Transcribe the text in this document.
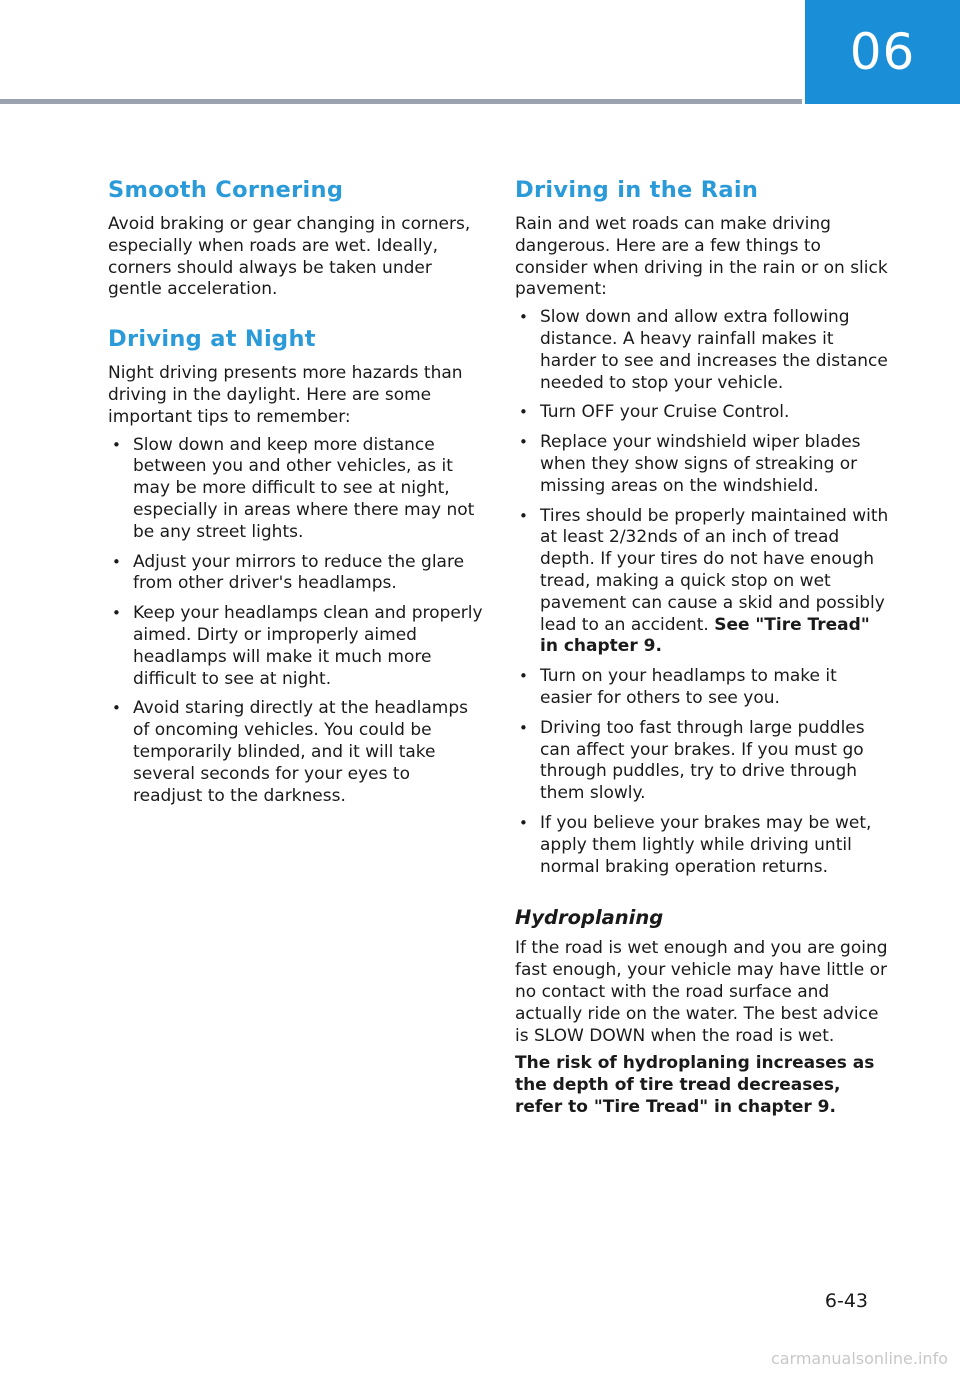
06
Smooth Cornering

Avoid braking or gear changing in corners, especially when roads are wet. Ideally, corners should always be taken under gentle acceleration.

Driving at Night

Night driving presents more hazards than driving in the daylight. Here are some important tips to remember:

• Slow down and keep more distance between you and other vehicles, as it may be more difficult to see at night, especially in areas where there may not be any street lights.
• Adjust your mirrors to reduce the glare from other driver's headlamps.
• Keep your headlamps clean and properly aimed. Dirty or improperly aimed headlamps will make it much more difficult to see at night.
• Avoid staring directly at the headlamps of oncoming vehicles. You could be temporarily blinded, and it will take several seconds for your eyes to readjust to the darkness.
Driving in the Rain

Rain and wet roads can make driving dangerous. Here are a few things to consider when driving in the rain or on slick pavement:

• Slow down and allow extra following distance. A heavy rainfall makes it harder to see and increases the distance needed to stop your vehicle.
• Turn OFF your Cruise Control.
• Replace your windshield wiper blades when they show signs of streaking or missing areas on the windshield.
• Tires should be properly maintained with at least 2/32nds of an inch of tread depth. If your tires do not have enough tread, making a quick stop on wet pavement can cause a skid and possibly lead to an accident. See "Tire Tread" in chapter 9.
• Turn on your headlamps to make it easier for others to see you.
• Driving too fast through large puddles can affect your brakes. If you must go through puddles, try to drive through them slowly.
• If you believe your brakes may be wet, apply them lightly while driving until normal braking operation returns.
Hydroplaning

If the road is wet enough and you are going fast enough, your vehicle may have little or no contact with the road surface and actually ride on the water. The best advice is SLOW DOWN when the road is wet.

The risk of hydroplaning increases as the depth of tire tread decreases, refer to "Tire Tread" in chapter 9.

6-43
carmanualsonline.info
